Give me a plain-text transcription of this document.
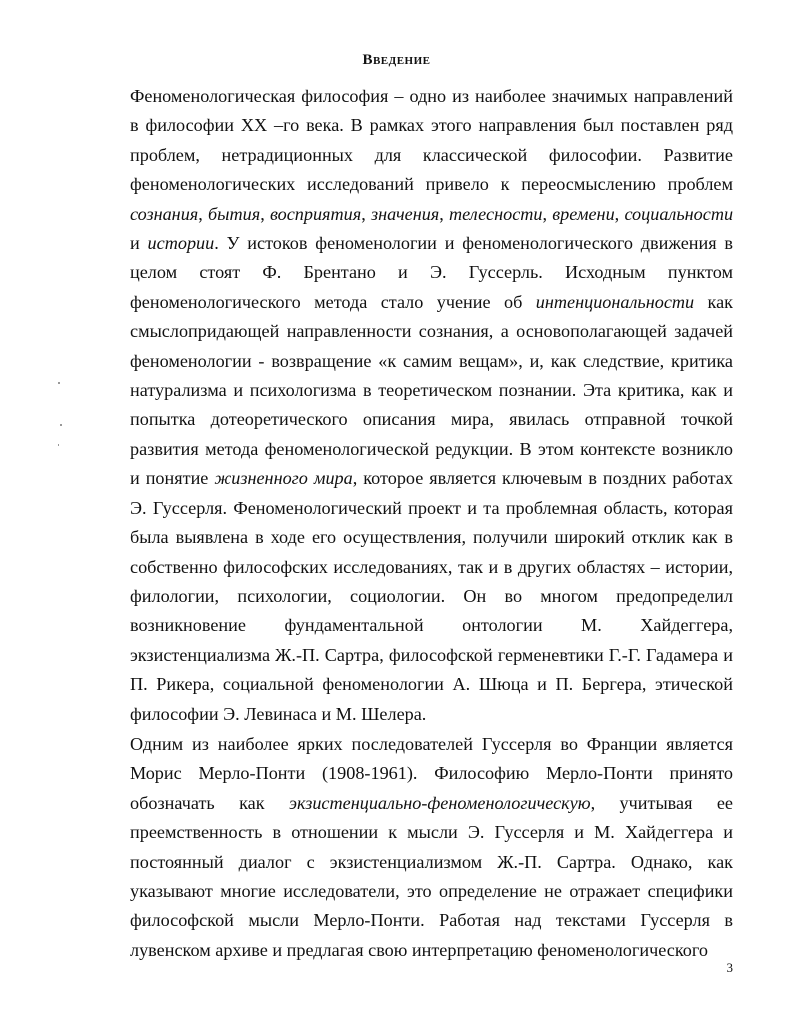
Введение

Феноменологическая философия – одно из наиболее значимых направлений в философии XX –го века. В рамках этого направления был поставлен ряд проблем, нетрадиционных для классической философии. Развитие феноменологических исследований привело к переосмыслению проблем сознания, бытия, восприятия, значения, телесности, времени, социальности и истории. У истоков феноменологии и феноменологического движения в целом стоят Ф. Брентано и Э. Гуссерль. Исходным пунктом феноменологического метода стало учение об интенциональности как смыслопридающей направленности сознания, а основополагающей задачей феноменологии - возвращение «к самим вещам», и, как следствие, критика натурализма и психологизма в теоретическом познании. Эта критика, как и попытка дотеоретического описания мира, явилась отправной точкой развития метода феноменологической редукции. В этом контексте возникло и понятие жизненного мира, которое является ключевым в поздних работах Э. Гуссерля. Феноменологический проект и та проблемная область, которая была выявлена в ходе его осуществления, получили широкий отклик как в собственно философских исследованиях, так и в других областях – истории, филологии, психологии, социологии. Он во многом предопределил возникновение фундаментальной онтологии М. Хайдеггера, экзистенциализма Ж.-П. Сартра, философской герменевтики Г.-Г. Гадамера и П. Рикера, социальной феноменологии А. Шюца и П. Бергера, этической философии Э. Левинаса и М. Шелера.

Одним из наиболее ярких последователей Гуссерля во Франции является Морис Мерло-Понти (1908-1961). Философию Мерло-Понти принято обозначать как экзистенциально-феноменологическую, учитывая ее преемственность в отношении к мысли Э. Гуссерля и М. Хайдеггера и постоянный диалог с экзистенциализмом Ж.-П. Сартра. Однако, как указывают многие исследователи, это определение не отражает специфики философской мысли Мерло-Понти. Работая над текстами Гуссерля в лувенском архиве и предлагая свою интерпретацию феноменологического

3
